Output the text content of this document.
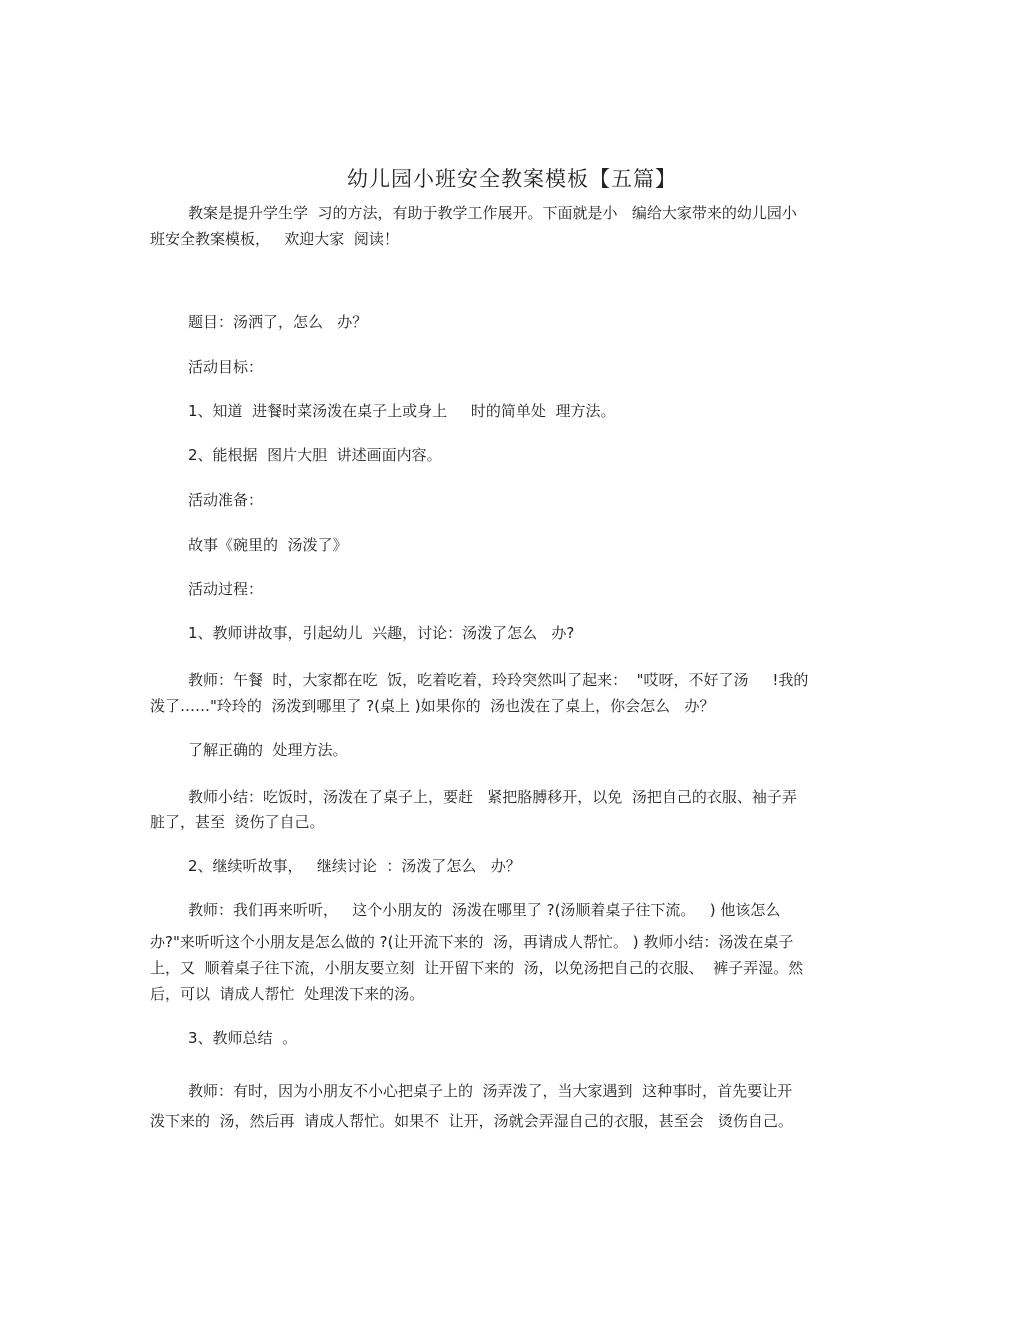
幼儿园小班安全教案模板【五篇】

教案是提升学生学  习的方法，有助于教学工作展开。下面就是小   编给大家带来的幼儿园小

班安全教案模板，   欢迎大家  阅读！

题目：汤洒了，怎么   办？

活动目标：

1、知道  进餐时菜汤泼在桌子上或身上     时的简单处  理方法。

2、能根据  图片大胆  讲述画面内容。

活动准备：

故事《碗里的  汤泼了》

活动过程：

1、教师讲故事，引起幼儿  兴趣，讨论：汤泼了怎么   办?

教师：午餐  时，大家都在吃  饭，吃着吃着，玲玲突然叫了起来：  "哎呀，不好了汤     !我的

泼了……"玲玲的  汤泼到哪里了 ?(桌上 )如果你的  汤也泼在了桌上，你会怎么   办？

了解正确的  处理方法。

教师小结：吃饭时，汤泼在了桌子上，要赶   紧把胳膊移开，以免  汤把自己的衣服、袖子弄

脏了，甚至  烫伤了自己。

2、继续听故事，   继续讨论  ：汤泼了怎么   办？

教师：我们再来听听，   这个小朋友的  汤泼在哪里了 ?(汤顺着桌子往下流。   ) 他该怎么

办?"来听听这个小朋友是怎么做的 ?(让开流下来的  汤，再请成人帮忙。 ) 教师小结：汤泼在桌子

上，又  顺着桌子往下流，小朋友要立刻  让开留下来的  汤，以免汤把自己的衣服、  裤子弄湿。然

后，可以  请成人帮忙  处理泼下来的汤。

3、教师总结  。

教师：有时，因为小朋友不小心把桌子上的  汤弄泼了，当大家遇到  这种事时，首先要让开

泼下来的  汤，然后再  请成人帮忙。如果不  让开，汤就会弄湿自己的衣服，甚至会   烫伤自己。
